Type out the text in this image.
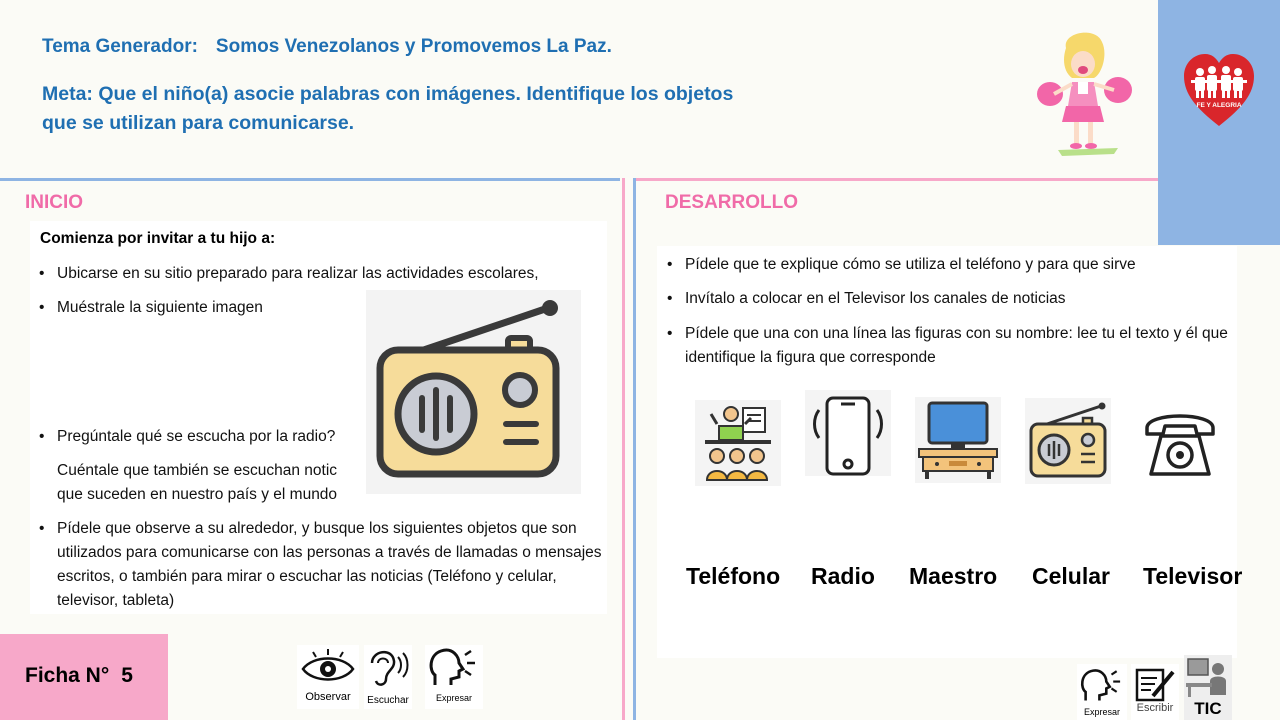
Tema Generador: Somos Venezolanos y Promovemos La Paz.
Meta: Que el niño(a) asocie palabras con imágenes. Identifique los objetos que se utilizan para comunicarse.
FE Y ALEGRIA
INICIO
Comienza por invitar a tu hijo a:
• Ubicarse en su sitio preparado para realizar las actividades escolares,
• Muéstrale la siguiente imagen
• Pregúntale qué se escucha por la radio?
• Cuéntale que también se escuchan notic
que suceden en nuestro país y el mundo
• Pídele que observe a su alrededor, y busque los siguientes objetos que son utilizados para comunicarse con las personas a través de llamadas o mensajes escritos, o también para mirar o escuchar las noticias (Teléfono y celular, televisor, tableta)
DESARROLLO
• Pídele que te explique cómo se utiliza el teléfono y para que sirve
• Invítalo a colocar en el Televisor los canales de noticias
• Pídele que una con una línea las figuras con su nombre: lee tu el texto y él que identifique la figura que corresponde
Teléfono Radio Maestro Celular Televisor
Ficha N° 5
Observar	Escuchar	Expresar
Expresar	Escribir	TIC
